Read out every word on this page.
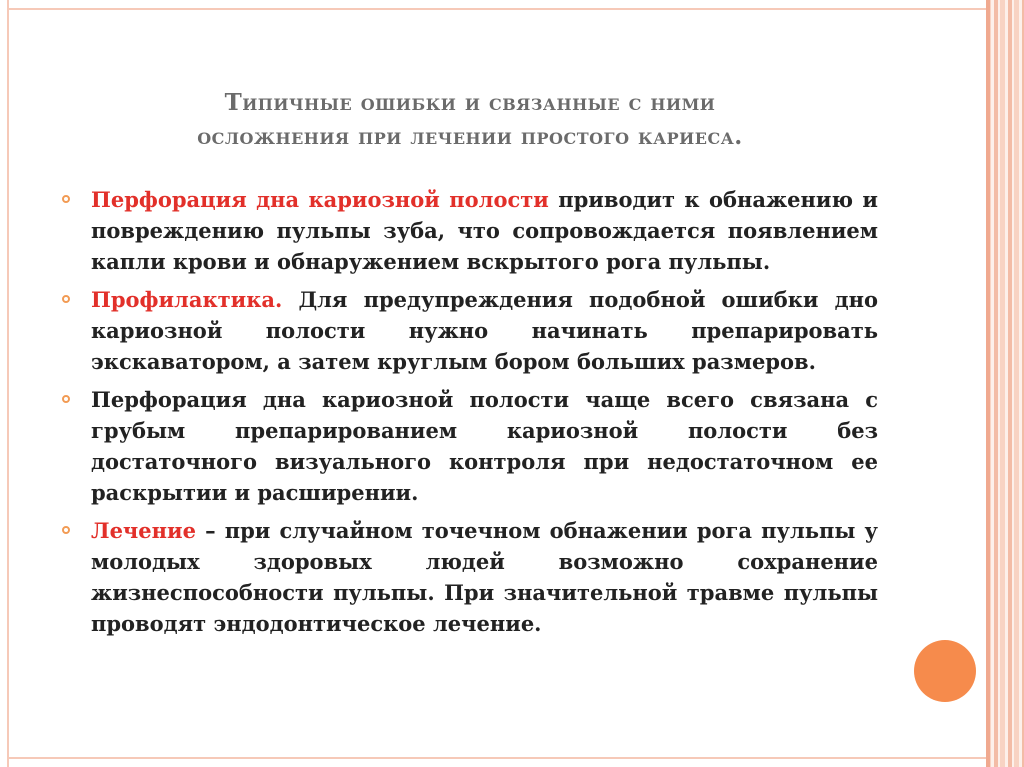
Типичные ошибки и связанные с ними
осложнения при лечении простого кариеса.
Перфорация дна кариозной полости приводит к обнажению и повреждению пульпы зуба, что сопровождается появлением капли крови и обнаружением вскрытого рога пульпы.
Профилактика. Для предупреждения подобной ошибки дно кариозной полости нужно начинать препарировать экскаватором, а затем круглым бором больших размеров.
Перфорация дна кариозной полости чаще всего связана с грубым препарированием кариозной полости без достаточного визуального контроля при недостаточном ее раскрытии и расширении.
Лечение – при случайном точечном обнажении рога пульпы у молодых здоровых людей возможно сохранение жизнеспособности пульпы. При значительной травме пульпы проводят эндодонтическое лечение.
